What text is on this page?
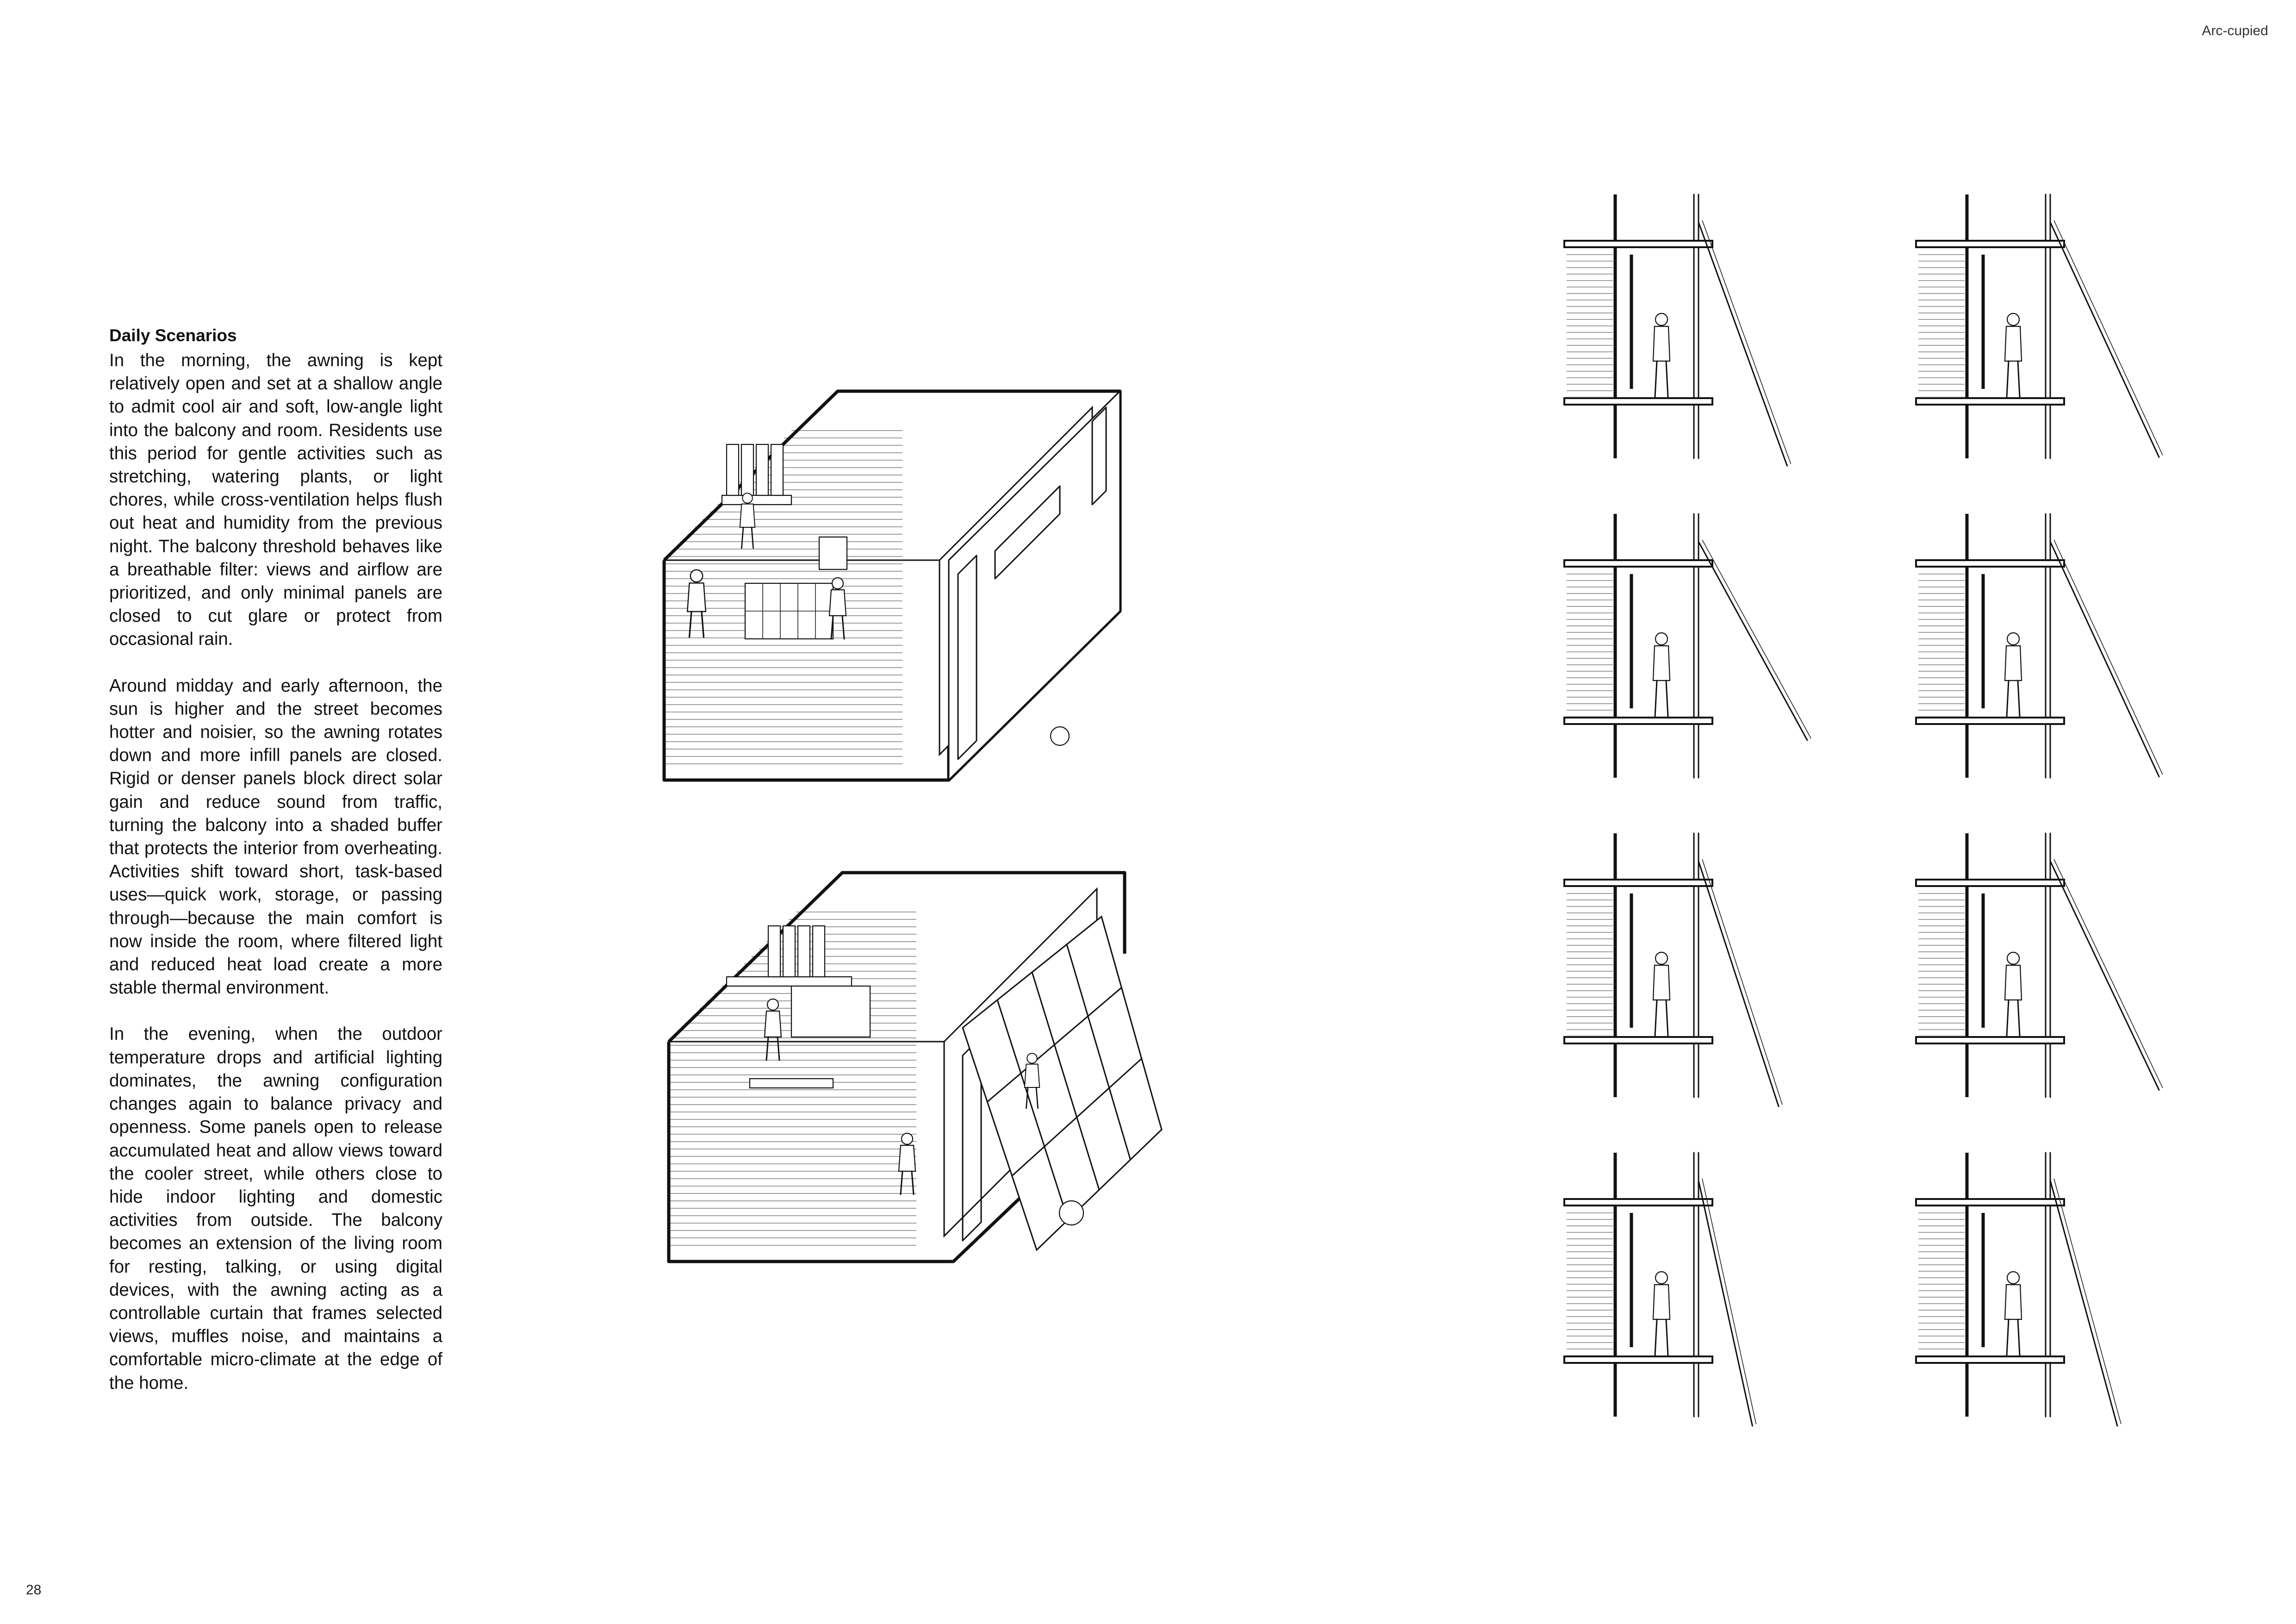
Arc-cupied
Daily Scenarios

In the morning, the awning is kept relatively open and set at a shallow angle to admit cool air and soft, low-angle light into the balcony and room. Residents use this period for gentle activities such as stretching, watering plants, or light chores, while cross-ventilation helps flush out heat and humidity from the previous night. The balcony threshold behaves like a breathable filter: views and airflow are prioritized, and only minimal panels are closed to cut glare or protect from occasional rain.

Around midday and early afternoon, the sun is higher and the street becomes hotter and noisier, so the awning rotates down and more infill panels are closed. Rigid or denser panels block direct solar gain and reduce sound from traffic, turning the balcony into a shaded buffer that protects the interior from overheating. Activities shift toward short, task-based uses—quick work, storage, or passing through—because the main comfort is now inside the room, where filtered light and reduced heat load create a more stable thermal environment.

In the evening, when the outdoor temperature drops and artificial lighting dominates, the awning configuration changes again to balance privacy and openness. Some panels open to release accumulated heat and allow views toward the cooler street, while others close to hide indoor lighting and domestic activities from outside. The balcony becomes an extension of the living room for resting, talking, or using digital devices, with the awning acting as a controllable curtain that frames selected views, muffles noise, and maintains a comfortable micro-climate at the edge of the home.

28
